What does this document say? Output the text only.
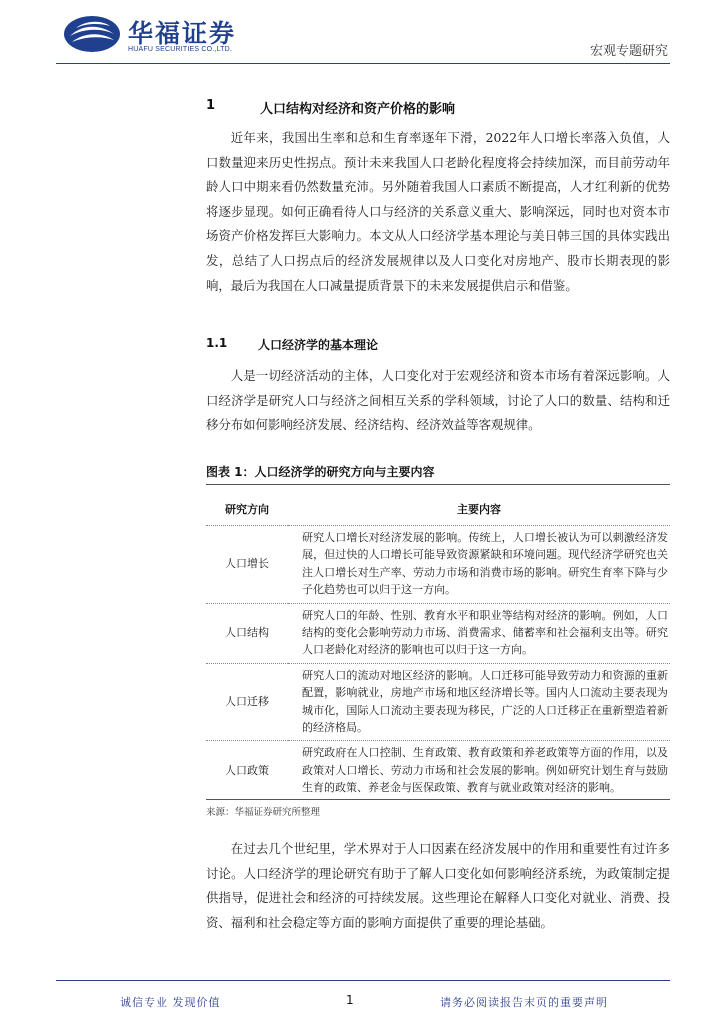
华福证券
HUAFU SECURITIES CO.,LTD.	宏观专题研究
1	人口结构对经济和资产价格的影响

近年来，我国出生率和总和生育率逐年下滑，2022年人口增长率落入负值，人口数量迎来历史性拐点。预计未来我国人口老龄化程度将会持续加深，而目前劳动年龄人口中期来看仍然数量充沛。另外随着我国人口素质不断提高，人才红利新的优势将逐步显现。如何正确看待人口与经济的关系意义重大、影响深远，同时也对资本市场资产价格发挥巨大影响力。本文从人口经济学基本理论与美日韩三国的具体实践出发，总结了人口拐点后的经济发展规律以及人口变化对房地产、股市长期表现的影响，最后为我国在人口减量提质背景下的未来发展提供启示和借鉴。

1.1	人口经济学的基本理论

人是一切经济活动的主体，人口变化对于宏观经济和资本市场有着深远影响。人口经济学是研究人口与经济之间相互关系的学科领域，讨论了人口的数量、结构和迁移分布如何影响经济发展、经济结构、经济效益等客观规律。

图表 1：人口经济学的研究方向与主要内容
研究方向	主要内容
人口增长	研究人口增长对经济发展的影响。传统上，人口增长被认为可以刺激经济发展，但过快的人口增长可能导致资源紧缺和环境问题。现代经济学研究也关注人口增长对生产率、劳动力市场和消费市场的影响。研究生育率下降与少子化趋势也可以归于这一方向。
人口结构	研究人口的年龄、性别、教育水平和职业等结构对经济的影响。例如，人口结构的变化会影响劳动力市场、消费需求、储蓄率和社会福利支出等。研究人口老龄化对经济的影响也可以归于这一方向。
人口迁移	研究人口的流动对地区经济的影响。人口迁移可能导致劳动力和资源的重新配置，影响就业，房地产市场和地区经济增长等。国内人口流动主要表现为城市化，国际人口流动主要表现为移民，广泛的人口迁移正在重新塑造着新的经济格局。
人口政策	研究政府在人口控制、生育政策、教育政策和养老政策等方面的作用，以及政策对人口增长、劳动力市场和社会发展的影响。例如研究计划生育与鼓励生育的政策、养老金与医保政策、教育与就业政策对经济的影响。
来源：华福证券研究所整理

在过去几个世纪里，学术界对于人口因素在经济发展中的作用和重要性有过许多讨论。人口经济学的理论研究有助于了解人口变化如何影响经济系统，为政策制定提供指导，促进社会和经济的可持续发展。这些理论在解释人口变化对就业、消费、投资、福利和社会稳定等方面的影响方面提供了重要的理论基础。

诚信专业 发现价值	1	请务必阅读报告末页的重要声明
